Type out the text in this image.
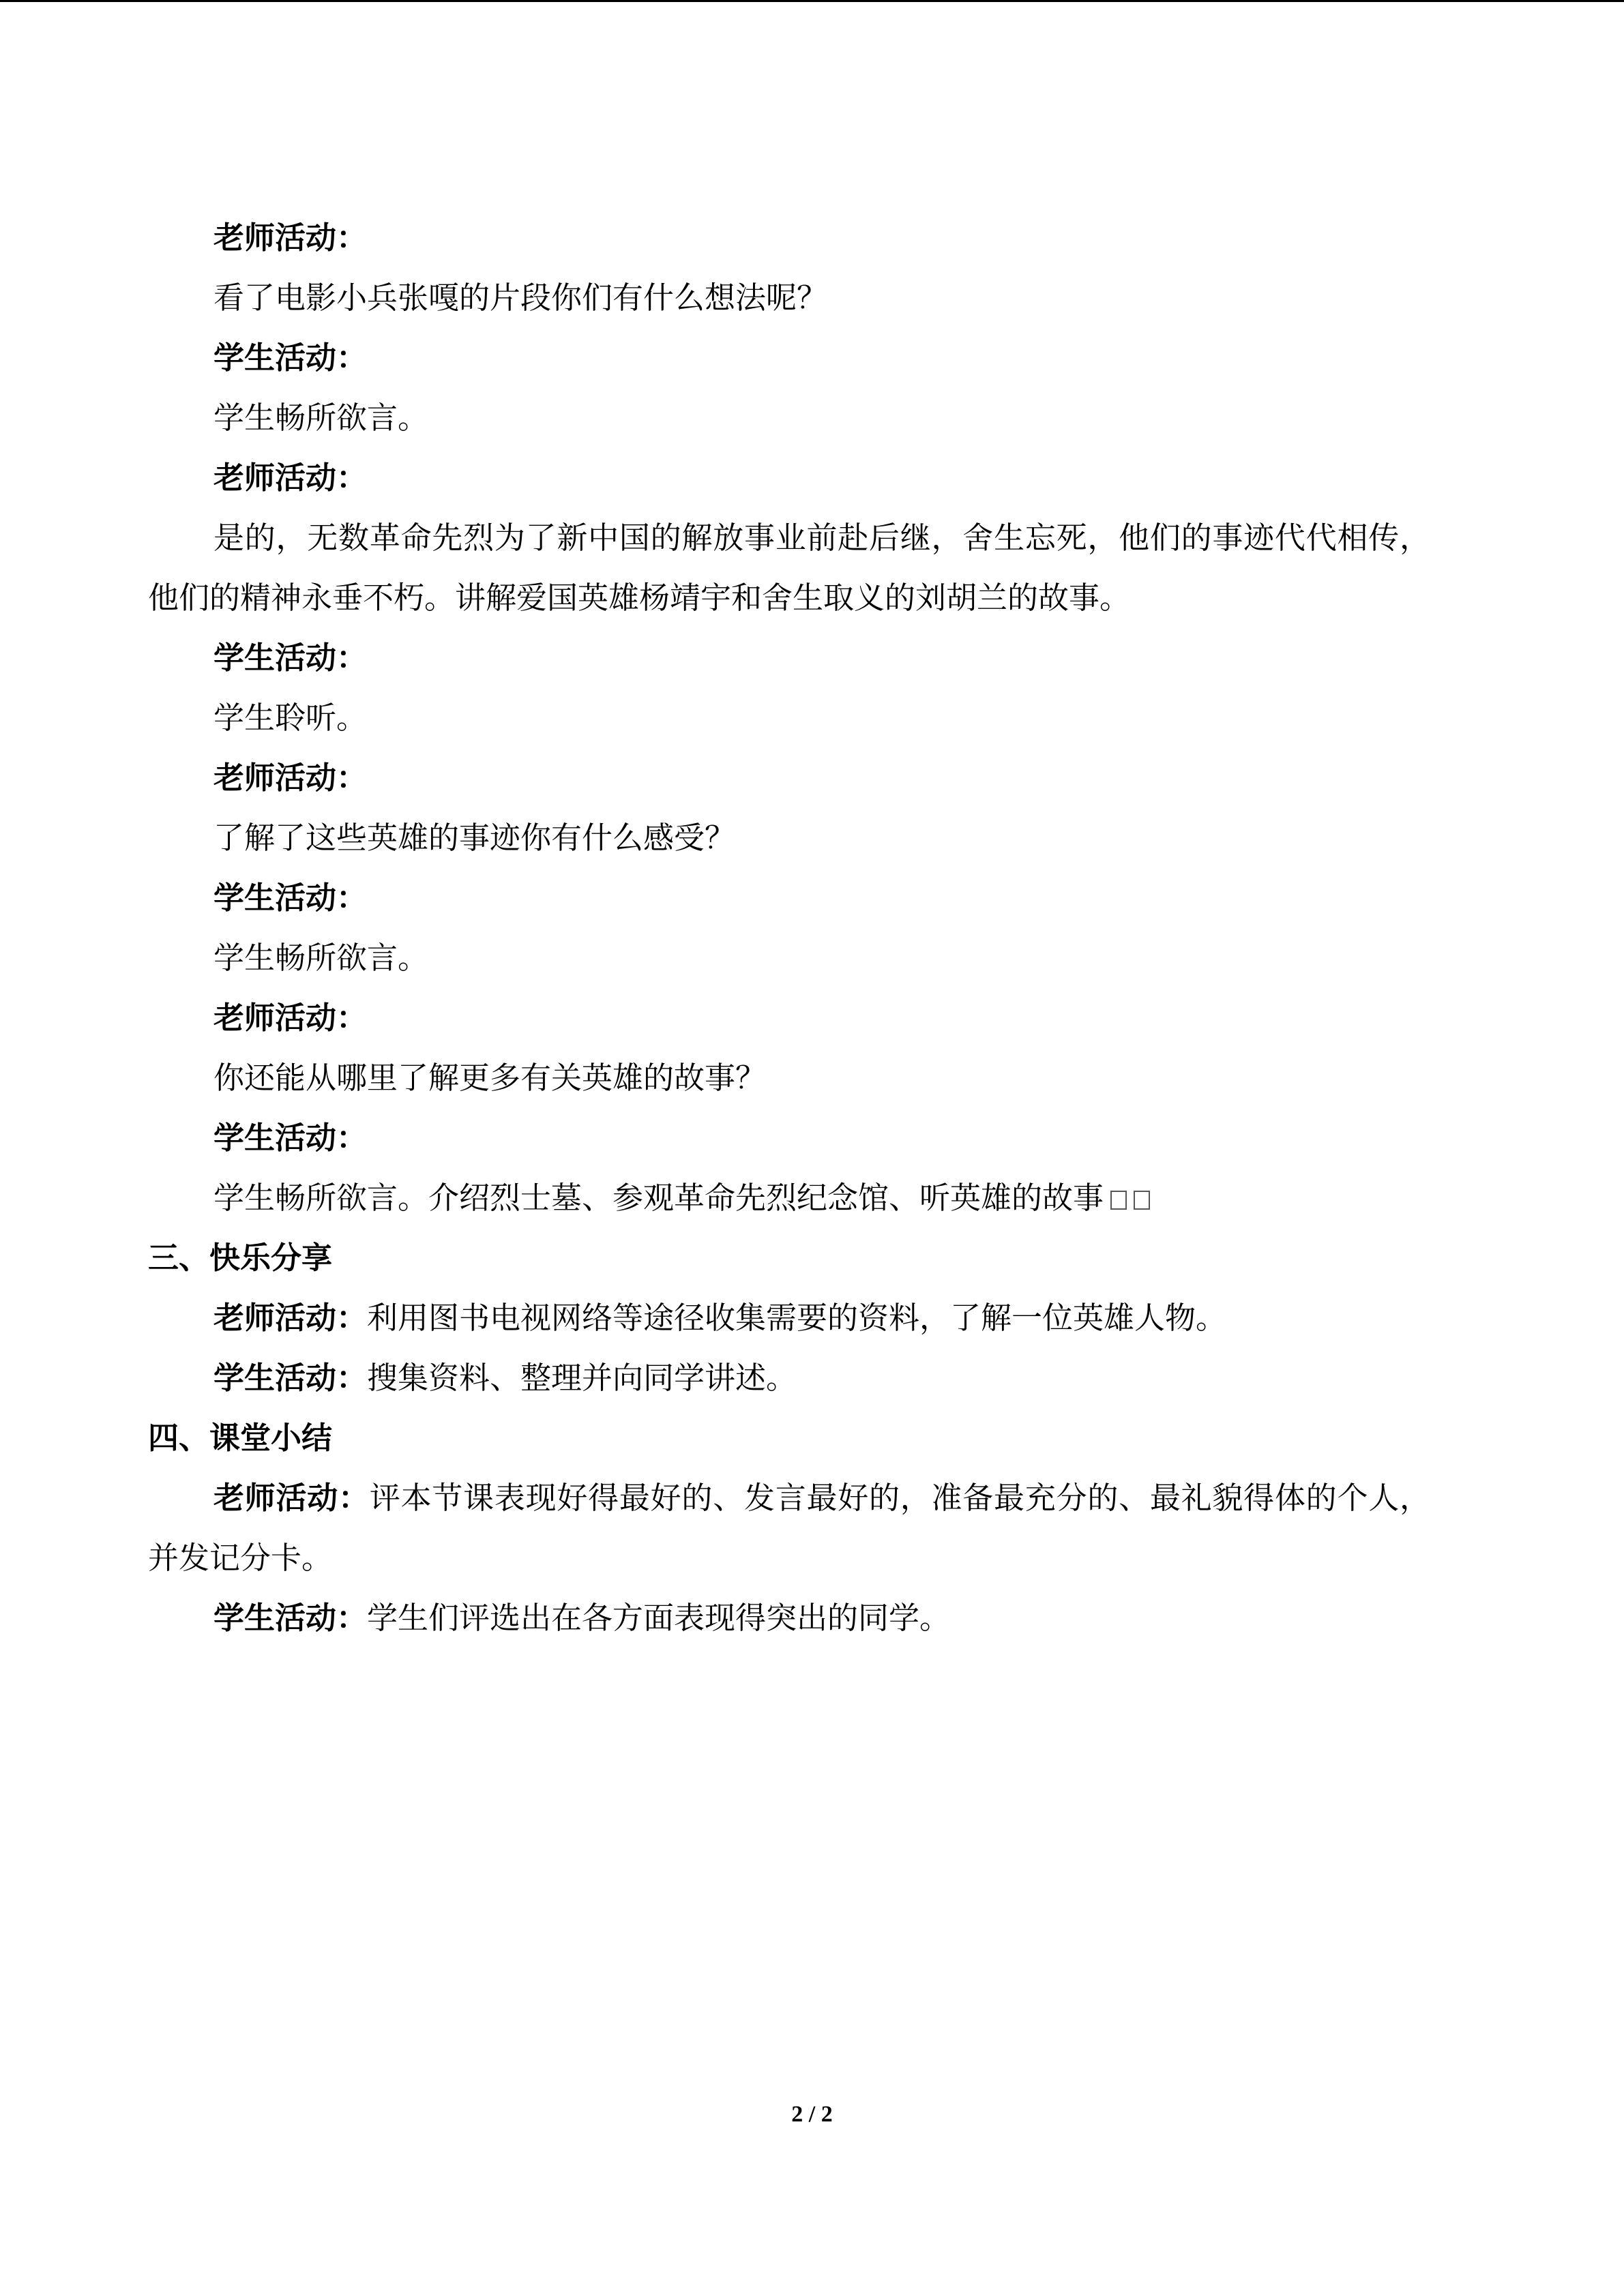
老师活动：
看了电影小兵张嘎的片段你们有什么想法呢？
学生活动：
学生畅所欲言。
老师活动：
是的，无数革命先烈为了新中国的解放事业前赴后继，舍生忘死，他们的事迹代代相传，他们的精神永垂不朽。讲解爱国英雄杨靖宇和舍生取义的刘胡兰的故事。
学生活动：
学生聆听。
老师活动：
了解了这些英雄的事迹你有什么感受？
学生活动：
学生畅所欲言。
老师活动：
你还能从哪里了解更多有关英雄的故事？
学生活动：
学生畅所欲言。介绍烈士墓、参观革命先烈纪念馆、听英雄的故事
三、快乐分享
老师活动：利用图书电视网络等途径收集需要的资料，了解一位英雄人物。
学生活动：搜集资料、整理并向同学讲述。
四、课堂小结
老师活动：评本节课表现好得最好的、发言最好的，准备最充分的、最礼貌得体的个人，并发记分卡。
学生活动：学生们评选出在各方面表现得突出的同学。
2 / 2
